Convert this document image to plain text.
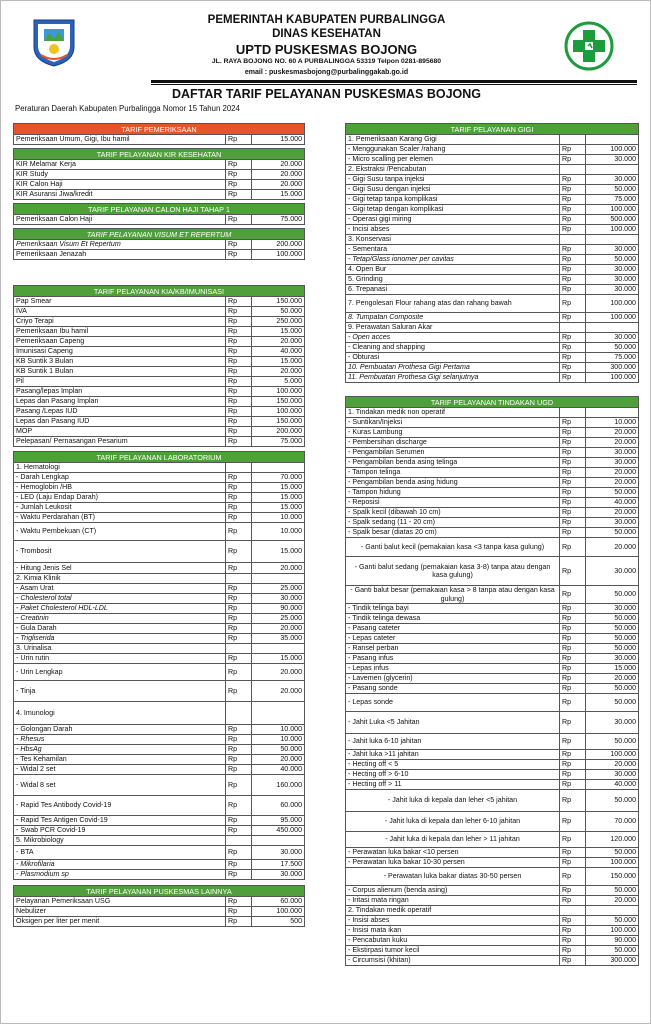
PEMERINTAH KABUPATEN PURBALINGGA
DINAS KESEHATAN
UPTD PUSKESMAS BOJONG
JL. RAYA BOJONG NO. 60 A PURBALINGGA 53319 Telpon 0281-895680
email : puskesmasbojong@purbalinggakab.go.id
DAFTAR TARIF PELAYANAN PUSKESMAS BOJONG
Peraturan Daerah Kabupaten Purbalingga Nomor 15 Tahun 2024
TARIF PEMERIKSAAN		
Pemeriksaan Umum, Gigi, Ibu hamil	Rp	15.000

TARIF PELAYANAN KIR KESEHATAN		
KIR Melamar Kerja	Rp	20.000
KIR Study	Rp	20.000
KIR Calon Haji	Rp	20.000
KIR Asuransi Jiwa/kredit	Rp	15.000

TARIF PELAYANAN CALON HAJI TAHAP 1		
Pemeriksaan Calon Haji	Rp	75.000

TARIF PELAYANAN VISUM ET REPERTUM		
Pemeriksaan Visum Et Repertum	Rp	200.000
Pemeriksaan Jenazah	Rp	100.000

TARIF PELAYANAN KIA/KB/IMUNISASI		
Pap Smear	Rp	150.000
IVA	Rp	50.000
Criyo Terapi	Rp	250.000
Pemeriksaan Ibu hamil	Rp	15.000
Pemeriksaan Capeng	Rp	20.000
Imunisasi Capeng	Rp	40.000
KB Suntik 3 Bulan	Rp	15.000
KB Suntik 1 Bulan	Rp	20.000
Pil	Rp	5.000
Pasang/lepas Implan	Rp	100.000
Lepas dan Pasang Implan	Rp	150.000
Pasang /Lepas IUD	Rp	100.000
Lepas dan Pasang IUD	Rp	150.000
MOP	Rp	200.000
Pelepasan/ Pernasangan Pesarium	Rp	75.000

TARIF PELAYANAN LABORATORIUM		
1. Hematologi		
- Darah Lengkap	Rp	70.000
- Hemoglobin /HB	Rp	15.000
- LED (Laju Endap Darah)	Rp	15.000
- Jumlah Leukosit	Rp	15.000
- Waktu Perdarahan (BT)	Rp	10.000
- Waktu Pembekuan (CT)	Rp	10.000
- Trombosit	Rp	15.000
- Hitung Jenis Sel	Rp	20.000
2. Kimia Klinik		
- Asam Urat	Rp	25.000
- Cholesterol total	Rp	30.000
- Paket Cholesterol HDL-LDL	Rp	90.000
- Creatinin	Rp	25.000
- Gula Darah	Rp	20.000
- Trigliserida	Rp	35.000
3. Urinalisa		
- Urin rutin	Rp	15.000
- Urin Lengkap	Rp	20.000
- Tinja	Rp	20.000
4. Imunologi		
- Golongan Darah	Rp	10.000
- Rhesus	Rp	10.000
- HbsAg	Rp	50.000
- Tes Kehamilan	Rp	20.000
- Widal 2 set	Rp	40.000
- Widal 8 set	Rp	160.000
- Rapid Tes Antibody Covid-19	Rp	60.000
- Rapid Tes Antigen Covid-19	Rp	95.000
- Swab PCR Covid-19	Rp	450.000
5. Mikrobiology		
- BTA	Rp	30.000
- Mikrofilaria	Rp	17.500
- Plasmodium sp	Rp	30.000

TARIF PELAYANAN PUSKESMAS LAINNYA		
Pelayanan Pemeriksaan USG	Rp	60.000
Nebulizer	Rp	100.000
Oksigen per liter per menit	Rp	500
TARIF PELAYANAN GIGI		
1. Pemeriksaan Karang Gigi		
- Menggunakan Scaler /rahang	Rp	100.000
- Micro scalling per elemen	Rp	30.000
2. Ekstraksi /Pencabutan		
- Gigi Susu tanpa injeksi	Rp	30.000
- Gigi Susu dengan injeksi	Rp	50.000
- Gigi tetap tanpa komplikasi	Rp	75.000
- Gigi tetap dengan komplikasi	Rp	100.000
- Operasi gigi miring	Rp	500.000
- Incisi abses	Rp	100.000
3. Konservasi		
- Sementara	Rp	30.000
- Tetap/Glass ionomer per cavitas	Rp	50.000
4. Open Bur	Rp	30.000
5. Grinding	Rp	30.000
6. Trepanasi	Rp	30.000
7. Pengolesan Flour rahang atas dan rahang bawah	Rp	100.000
8. Tumpatan Composite	Rp	100.000
9. Perawatan Saluran Akar		
- Open acces	Rp	30.000
- Cleaning and shapping	Rp	50.000
- Obturasi	Rp	75.000
10. Pembuatan Prothesa Gigi Pertama	Rp	300.000
11. Pembuatan Prothesa Gigi selanjutnya	Rp	100.000

TARIF PELAYANAN TINDAKAN UGD		
1. Tindakan medik non operatif		
- Suntikan/Injeksi	Rp	10.000
- Kuras Lambung	Rp	20.000
- Pembersihan discharge	Rp	20.000
- Pengambilan Serumen	Rp	30.000
- Pengambilan benda asing telinga	Rp	30.000
- Tampon telinga	Rp	20.000
- Pengambilan benda asing hidung	Rp	20.000
- Tampon hidung	Rp	50.000
- Reposisi	Rp	40.000
- Spalk kecil (dibawah 10 cm)	Rp	20.000
- Spalk sedang (11 - 20 cm)	Rp	30.000
- Spalk besar (diatas 20 cm)	Rp	50.000
- Ganti balut kecil (pemakaian kasa <3 tanpa kasa gulung)	Rp	20.000
- Ganti balut sedang (pemakaian kasa 3-8) tanpa atau dengan kasa gulung)	Rp	30.000
- Ganti balut besar (pemakaian kasa > 8 tanpa atau dengan kasa gulung)	Rp	50.000
- Tindik telinga bayi	Rp	30.000
- Tindik telinga dewasa	Rp	50.000
- Pasang cateter	Rp	50.000
- Lepas cateter	Rp	50.000
- Ransel perban	Rp	50.000
- Pasang infus	Rp	30.000
- Lepas infus	Rp	15.000
- Lavemen (glycerin)	Rp	20.000
- Pasang sonde	Rp	50.000
- Lepas sonde	Rp	50.000
- Jahit Luka <5 Jahitan	Rp	30.000
- Jahit luka 6-10 jahitan	Rp	50.000
- Jahit luka >11 jahitan	Rp	100.000
- Hecting off < 5	Rp	20.000
- Hecting off > 6-10	Rp	30.000
- Hecting off > 11	Rp	40.000
- Jahit luka di kepala dan leher <5 jahitan	Rp	50.000
- Jahit luka di kepala dan leher 6-10 jahitan	Rp	70.000
- Jahit luka di kepala dan leher > 11 jahitan	Rp	120.000
- Perawatan luka bakar <10 persen	Rp	50.000
- Perawatan luka bakar 10-30 persen	Rp	100.000
- Perawatan luka bakar diatas 30-50 persen	Rp	150.000
- Corpus alienum (benda asing)	Rp	50.000
- Iritasi mata ringan	Rp	20.000
2. Tindakan medik operatif		
- Insisi abses	Rp	50.000
- Insisi mata ikan	Rp	100.000
- Pencabutan kuku	Rp	90.000
- Ekstirpasi tumor kecil	Rp	50.000
- Circumsisi (khitan)	Rp	300.000
